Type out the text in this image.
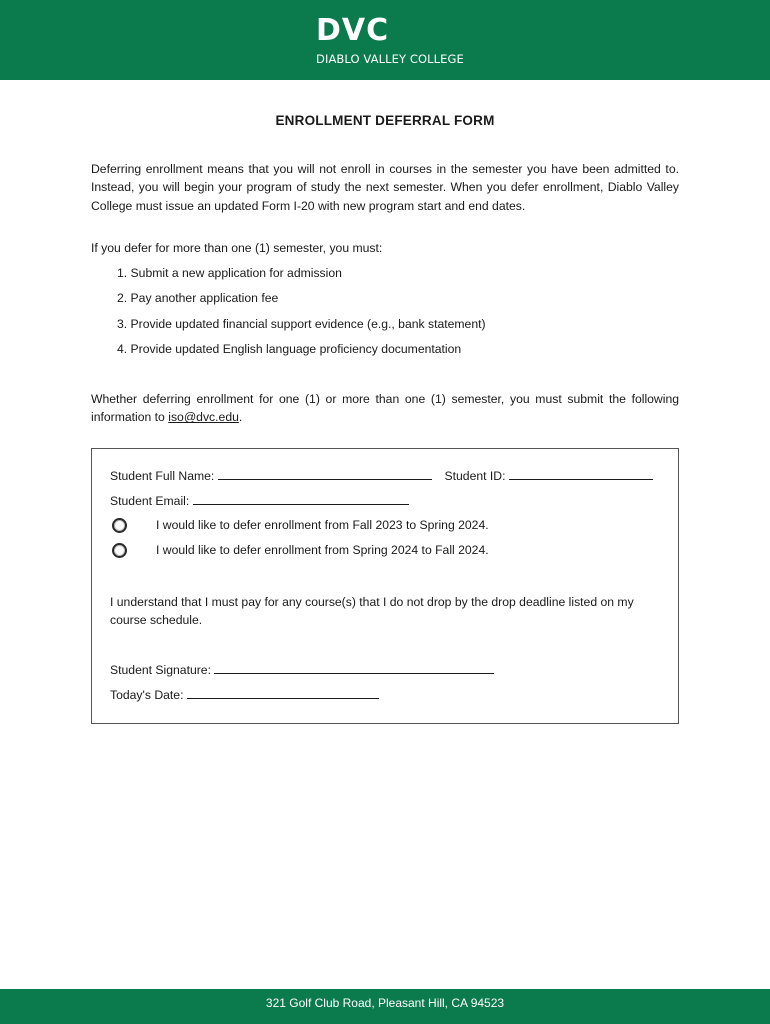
DVC
DIABLO VALLEY COLLEGE
ENROLLMENT DEFERRAL FORM

Deferring enrollment means that you will not enroll in courses in the semester you have been admitted to. Instead, you will begin your program of study the next semester. When you defer enrollment, Diablo Valley College must issue an updated Form I-20 with new program start and end dates.

If you defer for more than one (1) semester, you must:

1. Submit a new application for admission
2. Pay another application fee
3. Provide updated financial support evidence (e.g., bank statement)
4. Provide updated English language proficiency documentation

Whether deferring enrollment for one (1) or more than one (1) semester, you must submit the following information to iso@dvc.edu.

Student Full Name:	Student ID:
Student Email:
I would like to defer enrollment from Fall 2023 to Spring 2024.
I would like to defer enrollment from Spring 2024 to Fall 2024.

I understand that I must pay for any course(s) that I do not drop by the drop deadline listed on my course schedule.

Student Signature:
Today's Date:
321 Golf Club Road, Pleasant Hill, CA 94523
